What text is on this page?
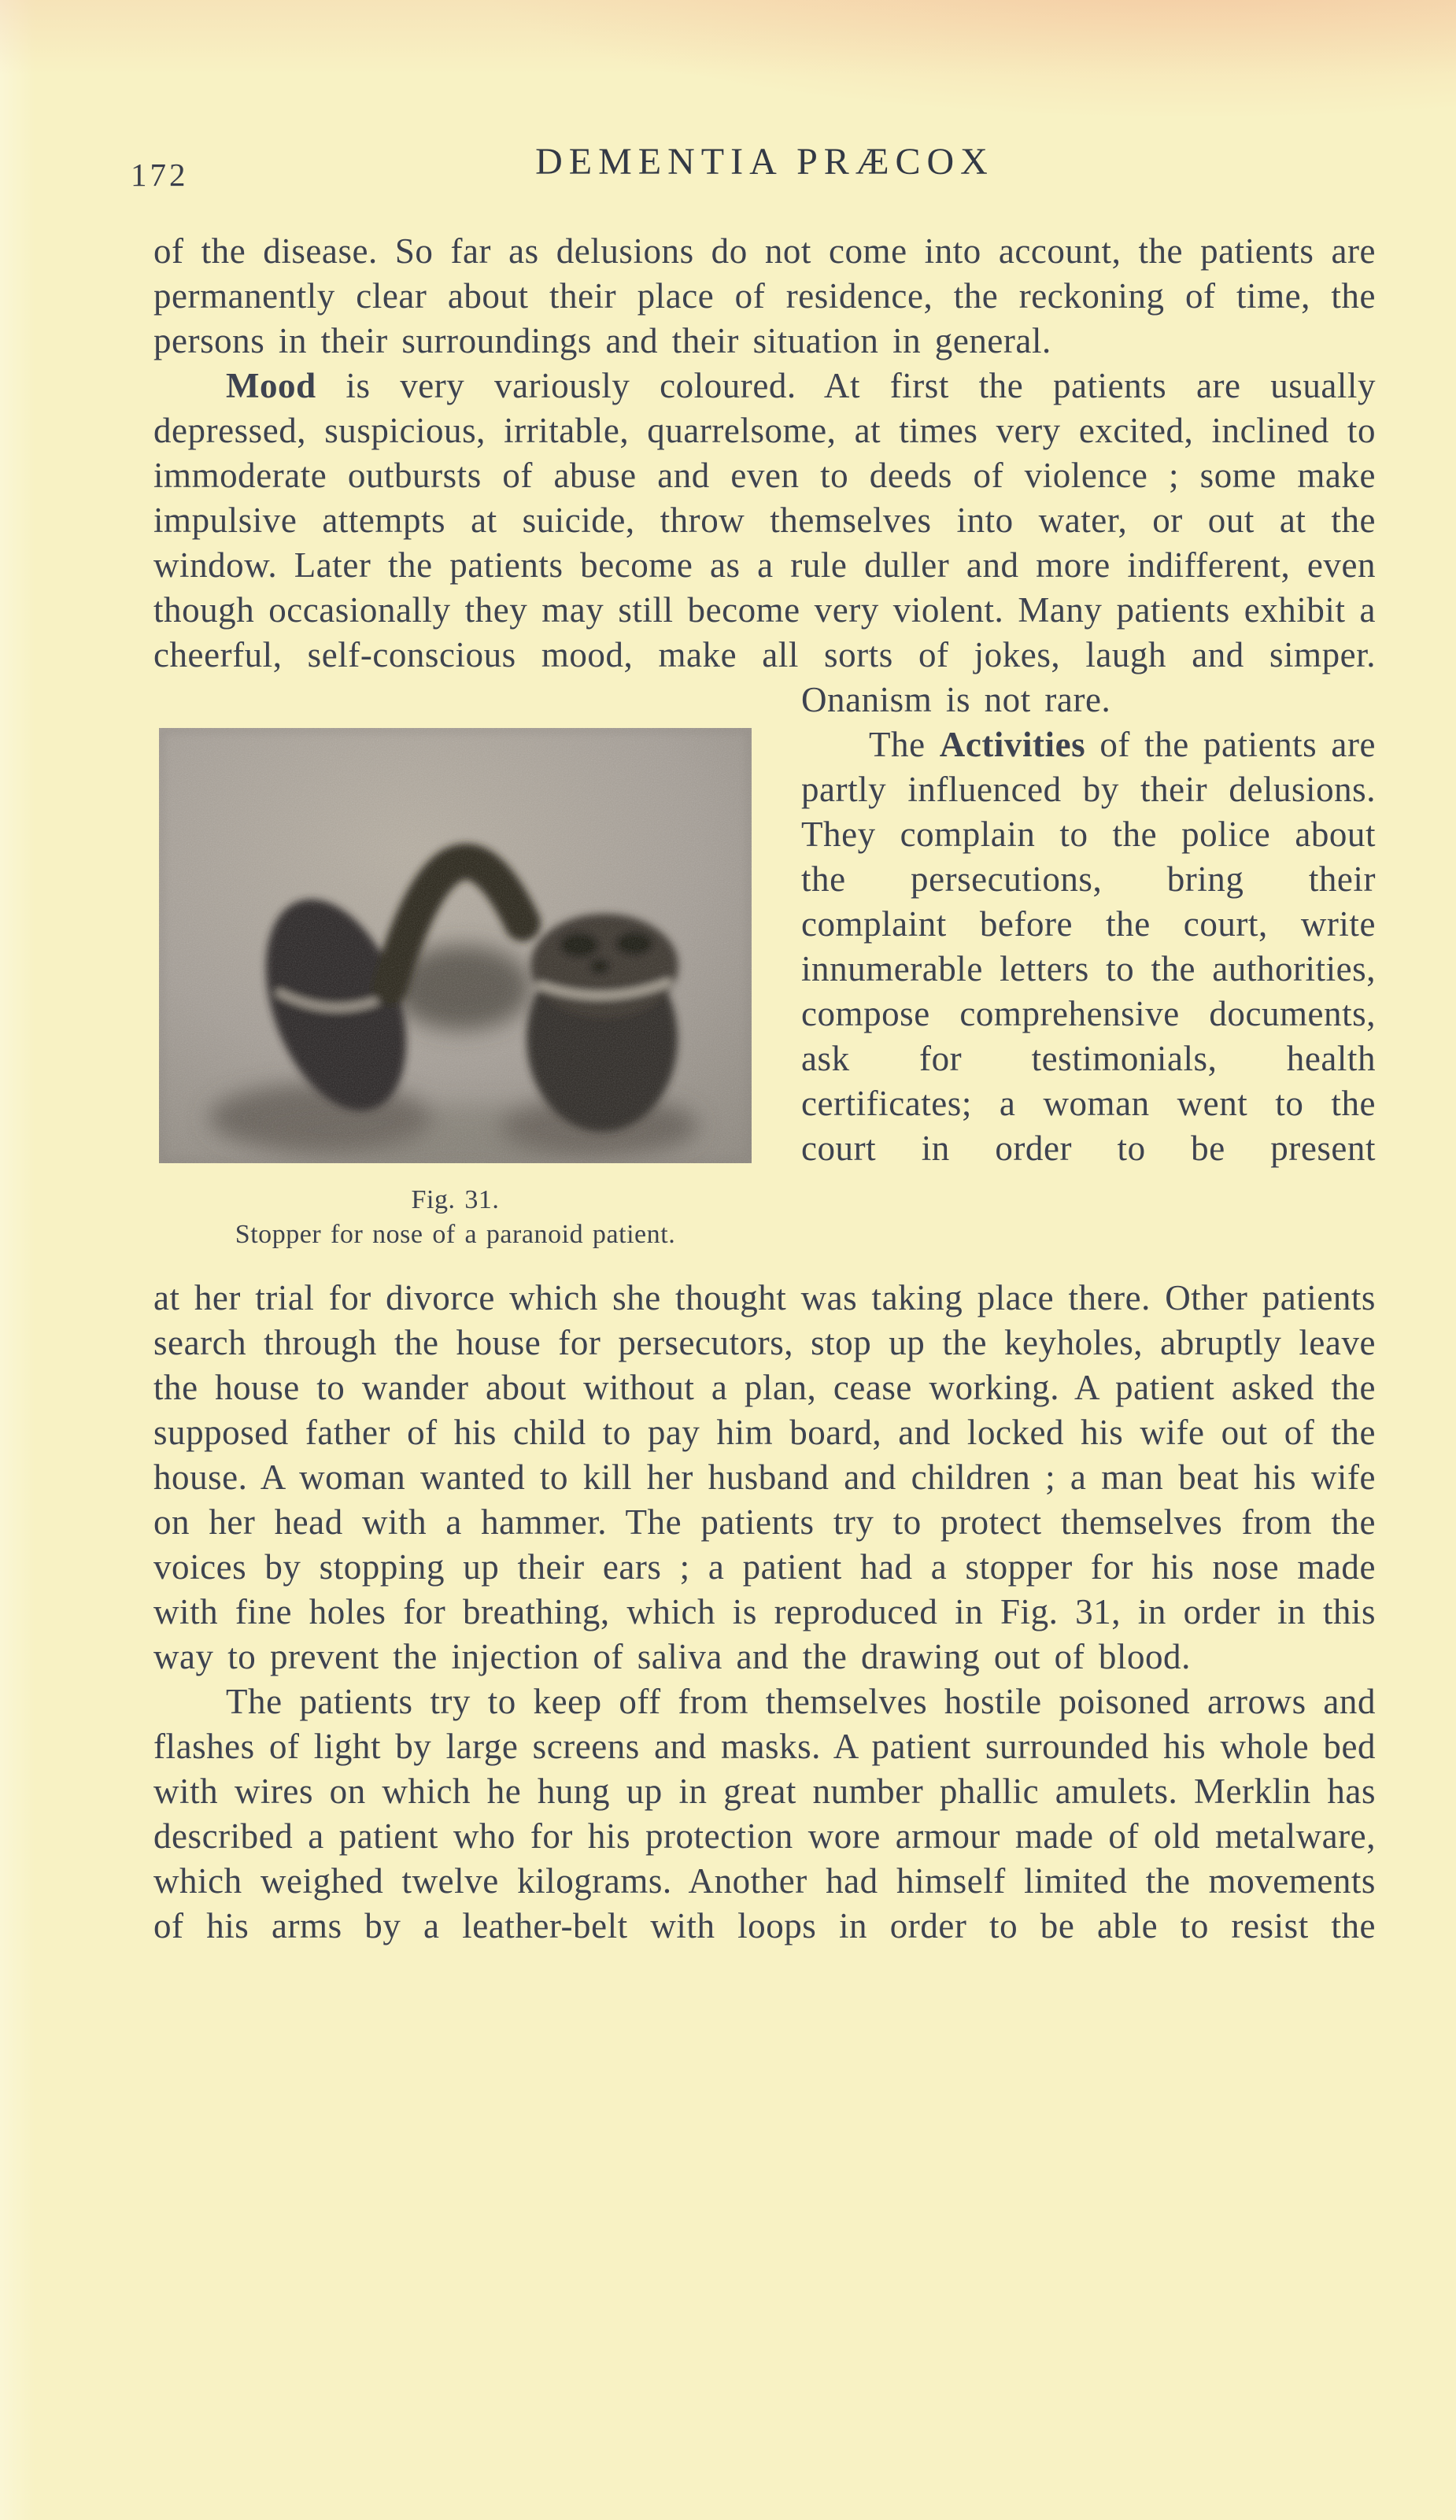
172	DEMENTIA PRÆCOX

of the disease. So far as delusions do not come into account, the patients are permanently clear about their place of residence, the reckoning of time, the persons in their surroundings and their situation in general.

Mood is very variously coloured. At first the patients are usually depressed, suspicious, irritable, quarrelsome, at times very excited, inclined to immoderate outbursts of abuse and even to deeds of violence ; some make impulsive attempts at suicide, throw themselves into water, or out at the window. Later the patients become as a rule duller and more indifferent, even though occasionally they may still become very violent. Many patients exhibit a cheerful, self-conscious mood, make all sorts of jokes, laugh and simper.

Fig. 31.

Stopper for nose of a paranoid patient.

Onanism is not rare.

The Activities of the patients are partly influenced by their delusions. They complain to the police about the persecutions, bring their complaint before the court, write innumerable letters to the authorities, compose comprehensive documents, ask for testimonials, health certificates; a woman went to the court in order to be present

at her trial for divorce which she thought was taking place there. Other patients search through the house for persecutors, stop up the keyholes, abruptly leave the house to wander about without a plan, cease working. A patient asked the supposed father of his child to pay him board, and locked his wife out of the house. A woman wanted to kill her husband and children ; a man beat his wife on her head with a hammer. The patients try to protect themselves from the voices by stopping up their ears ; a patient had a stopper for his nose made with fine holes for breathing, which is reproduced in Fig. 31, in order in this way to prevent the injection of saliva and the drawing out of blood.

The patients try to keep off from themselves hostile poisoned arrows and flashes of light by large screens and masks. A patient surrounded his whole bed with wires on which he hung up in great number phallic amulets. Merklin has described a patient who for his protection wore armour made of old metalware, which weighed twelve kilograms. Another had himself limited the movements of his arms by a leather-belt with loops in order to be able to resist the
